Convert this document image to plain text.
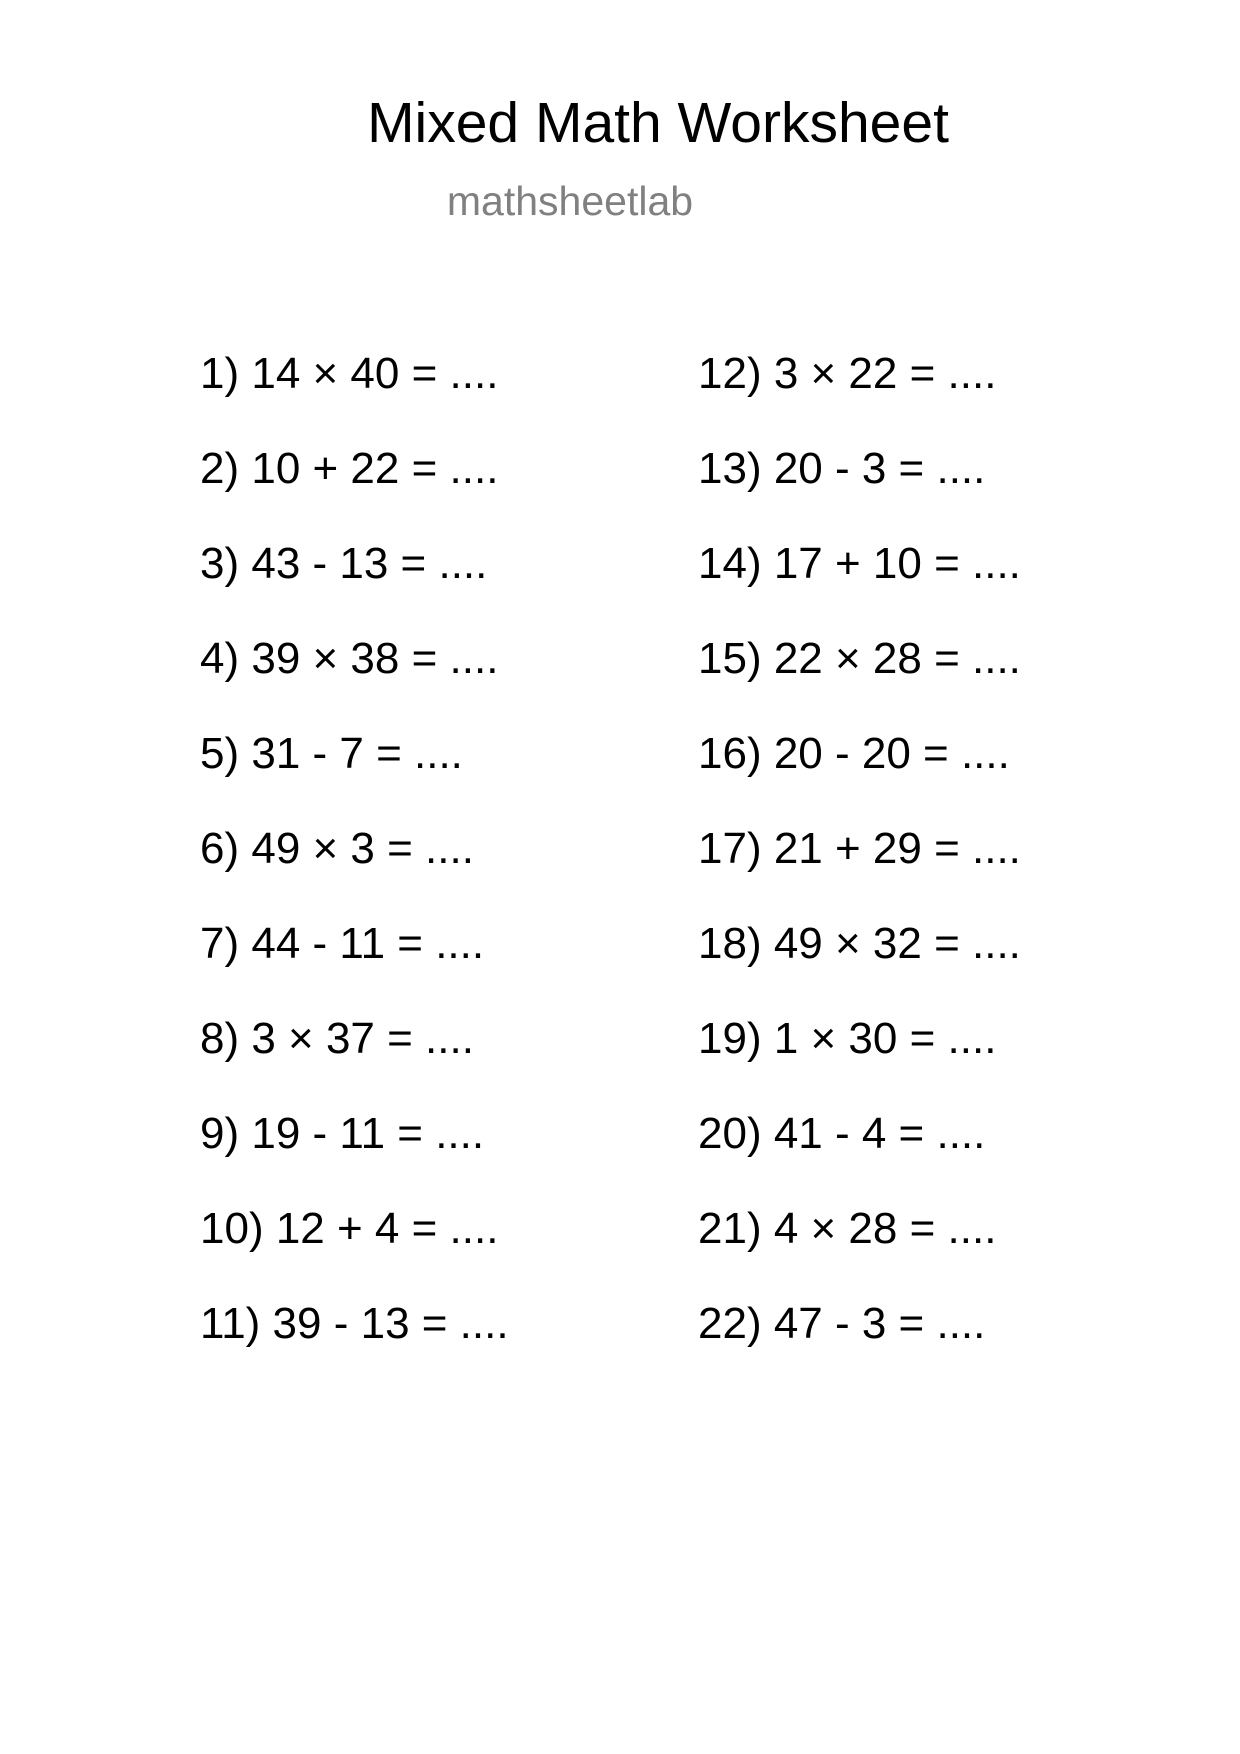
Mixed Math Worksheet
mathsheetlab
1) 14 × 40 = ....
2) 10 + 22 = ....
3) 43 - 13 = ....
4) 39 × 38 = ....
5) 31 - 7 = ....
6) 49 × 3 = ....
7) 44 - 11 = ....
8) 3 × 37 = ....
9) 19 - 11 = ....
10) 12 + 4 = ....
11) 39 - 13 = ....
12) 3 × 22 = ....
13) 20 - 3 = ....
14) 17 + 10 = ....
15) 22 × 28 = ....
16) 20 - 20 = ....
17) 21 + 29 = ....
18) 49 × 32 = ....
19) 1 × 30 = ....
20) 41 - 4 = ....
21) 4 × 28 = ....
22) 47 - 3 = ....
